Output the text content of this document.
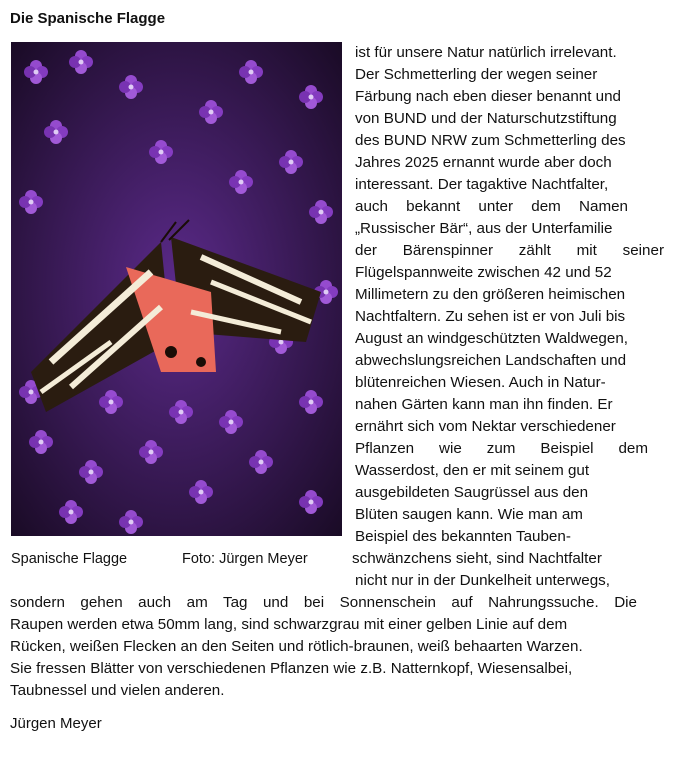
Die Spanische Flagge
Spanische Flagge	Foto: Jürgen Meyer
ist für unsere Natur natürlich irrelevant.
Der Schmetterling der wegen seiner
Färbung nach eben dieser benannt und
von BUND und der Naturschutzstiftung
des BUND NRW zum Schmetterling des
Jahres 2025 ernannt wurde aber doch
interessant. Der tagaktive Nachtfalter,
auch bekannt unter dem Namen
„Russischer Bär“, aus der Unterfamilie
der Bärenspinner zählt mit seiner
Flügelspannweite zwischen 42 und 52
Millimetern zu den größeren heimischen
Nachtfaltern. Zu sehen ist er von Juli bis
August an windgeschützten Waldwegen,
abwechslungsreichen Landschaften und
blütenreichen Wiesen. Auch in Natur-
nahen Gärten kann man ihn finden. Er
ernährt sich vom Nektar verschiedener
Pflanzen wie zum Beispiel dem
Wasserdost, den er mit seinem gut
ausgebildeten Saugrüssel aus den
Blüten saugen kann. Wie man am
Beispiel des bekannten Tauben-
schwänzchens sieht, sind Nachtfalter
nicht nur in der Dunkelheit unterwegs,
sondern gehen auch am Tag und bei Sonnenschein auf Nahrungssuche. Die
Raupen werden etwa 50mm lang, sind schwarzgrau mit einer gelben Linie auf dem
Rücken, weißen Flecken an den Seiten und rötlich-braunen, weiß behaarten Warzen.
Sie fressen Blätter von verschiedenen Pflanzen wie z.B. Natternkopf, Wiesensalbei,
Taubnessel und vielen anderen.
Jürgen Meyer
